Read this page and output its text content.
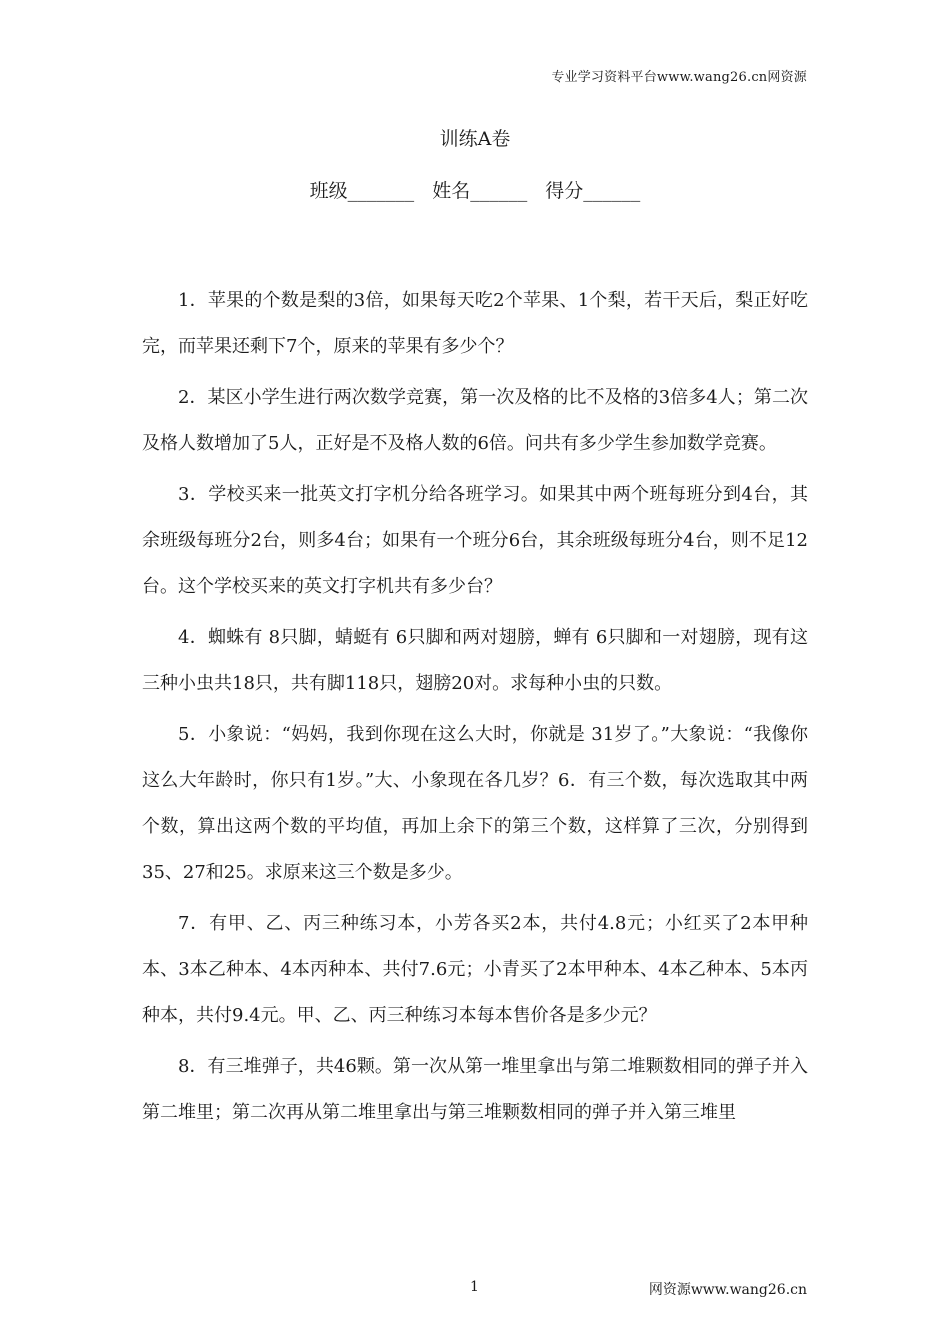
专业学习资料平台www.wang26.cn网资源
训练A卷
班级_______ 姓名______ 得分______

1．苹果的个数是梨的3倍，如果每天吃2个苹果、1个梨，若干天后，梨正好吃完，而苹果还剩下7个，原来的苹果有多少个？

2．某区小学生进行两次数学竞赛，第一次及格的比不及格的3倍多4人；第二次及格人数增加了5人，正好是不及格人数的6倍。问共有多少学生参加数学竞赛。

3．学校买来一批英文打字机分给各班学习。如果其中两个班每班分到4台，其余班级每班分2台，则多4台；如果有一个班分6台，其余班级每班分4台，则不足12台。这个学校买来的英文打字机共有多少台？

4．蜘蛛有 8只脚，蜻蜓有 6只脚和两对翅膀，蝉有 6只脚和一对翅膀，现有这三种小虫共18只，共有脚118只，翅膀20对。求每种小虫的只数。

5．小象说：“妈妈，我到你现在这么大时，你就是 31岁了。”大象说：“我像你这么大年龄时，你只有1岁。”大、小象现在各几岁？6．有三个数，每次选取其中两个数，算出这两个数的平均值，再加上余下的第三个数，这样算了三次，分别得到35、27和25。求原来这三个数是多少。

7．有甲、乙、丙三种练习本，小芳各买2本，共付4.8元；小红买了2本甲种本、3本乙种本、4本丙种本、共付7.6元；小青买了2本甲种本、4本乙种本、5本丙种本，共付9.4元。甲、乙、丙三种练习本每本售价各是多少元？

8．有三堆弹子，共46颗。第一次从第一堆里拿出与第二堆颗数相同的弹子并入第二堆里；第二次再从第二堆里拿出与第三堆颗数相同的弹子并入第三堆里

1	网资源www.wang26.cn
